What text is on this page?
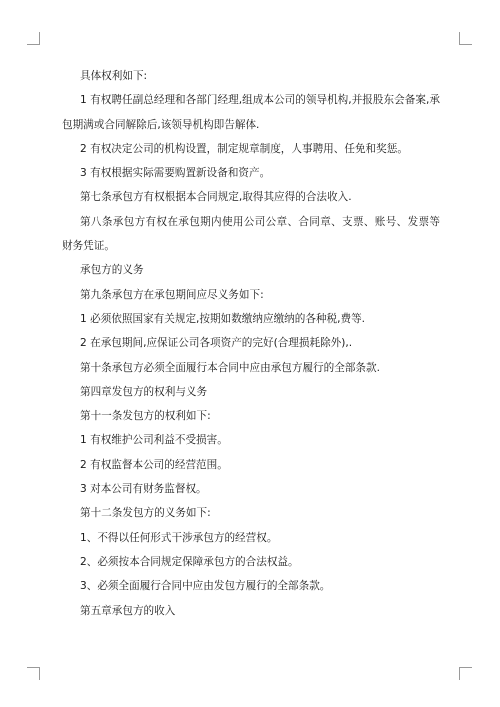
具体权利如下:

1 有权聘任副总经理和各部门经理,组成本公司的领导机构,并报股东会备案,承包期满或合同解除后,该领导机构即告解体.

2 有权决定公司的机构设置，制定规章制度，人事聘用、任免和奖惩。

3 有权根据实际需要购置新设备和资产。

第七条承包方有权根据本合同规定,取得其应得的合法收入.

第八条承包方有权在承包期内使用公司公章、合同章、支票、账号、发票等财务凭证。

承包方的义务

第九条承包方在承包期间应尽义务如下:

1 必须依照国家有关规定,按期如数缴纳应缴纳的各种税,费等.

2 在承包期间,应保证公司各项资产的完好(合理损耗除外),.

第十条承包方必须全面履行本合同中应由承包方履行的全部条款.

第四章发包方的权利与义务

第十一条发包方的权利如下:

1 有权维护公司利益不受损害。

2 有权监督本公司的经营范围。

3 对本公司有财务监督权。

第十二条发包方的义务如下:

1、不得以任何形式干涉承包方的经营权。

2、必须按本合同规定保障承包方的合法权益。

3、必须全面履行合同中应由发包方履行的全部条款。

第五章承包方的收入
